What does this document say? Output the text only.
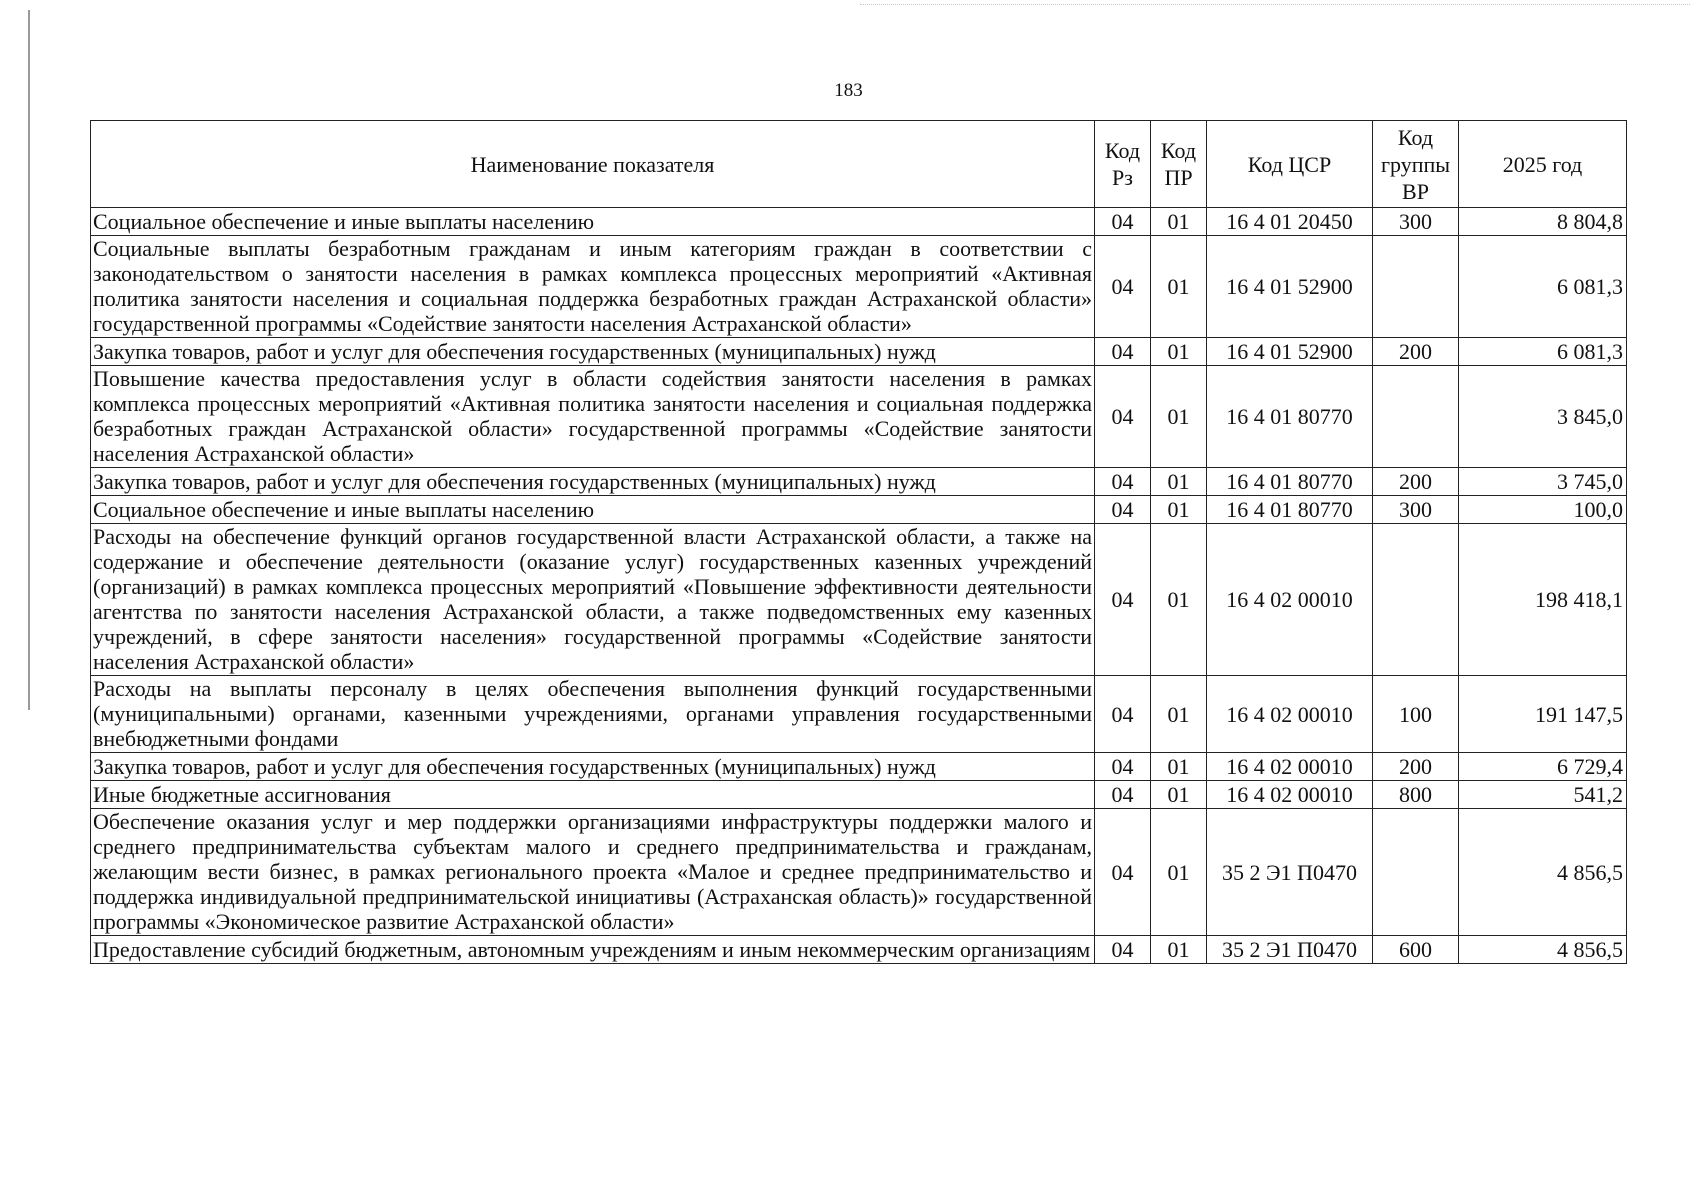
183
Наименование показателя	Код Рз	Код ПР	Код ЦСР	Код группы ВР	2025 год
Социальное обеспечение и иные выплаты населению	04	01	16 4 01 20450	300	8 804,8
Социальные выплаты безработным гражданам и иным категориям граждан в соответствии с законодательством о занятости населения в рамках комплекса процессных мероприятий «Активная политика занятости населения и социальная поддержка безработных граждан Астраханской области» государственной программы «Содействие занятости населения Астраханской области»	04	01	16 4 01 52900		6 081,3
Закупка товаров, работ и услуг для обеспечения государственных (муниципальных) нужд	04	01	16 4 01 52900	200	6 081,3
Повышение качества предоставления услуг в области содействия занятости населения в рамках комплекса процессных мероприятий «Активная политика занятости населения и социальная поддержка безработных граждан Астраханской области» государственной программы «Содействие занятости населения Астраханской области»	04	01	16 4 01 80770		3 845,0
Закупка товаров, работ и услуг для обеспечения государственных (муниципальных) нужд	04	01	16 4 01 80770	200	3 745,0
Социальное обеспечение и иные выплаты населению	04	01	16 4 01 80770	300	100,0
Расходы на обеспечение функций органов государственной власти Астраханской области, а также на содержание и обеспечение деятельности (оказание услуг) государственных казенных учреждений (организаций) в рамках комплекса процессных мероприятий «Повышение эффективности деятельности агентства по занятости населения Астраханской области, а также подведомственных ему казенных учреждений, в сфере занятости населения» государственной программы «Содействие занятости населения Астраханской области»	04	01	16 4 02 00010		198 418,1
Расходы на выплаты персоналу в целях обеспечения выполнения функций государственными (муниципальными) органами, казенными учреждениями, органами управления государственными внебюджетными фондами	04	01	16 4 02 00010	100	191 147,5
Закупка товаров, работ и услуг для обеспечения государственных (муниципальных) нужд	04	01	16 4 02 00010	200	6 729,4
Иные бюджетные ассигнования	04	01	16 4 02 00010	800	541,2
Обеспечение оказания услуг и мер поддержки организациями инфраструктуры поддержки малого и среднего предпринимательства субъектам малого и среднего предпринимательства и гражданам, желающим вести бизнес, в рамках регионального проекта «Малое и среднее предпринимательство и поддержка индивидуальной предпринимательской инициативы (Астраханская область)» государственной программы «Экономическое развитие Астраханской области»	04	01	35 2 Э1 П0470		4 856,5
Предоставление субсидий бюджетным, автономным учреждениям и иным некоммерческим организациям	04	01	35 2 Э1 П0470	600	4 856,5
